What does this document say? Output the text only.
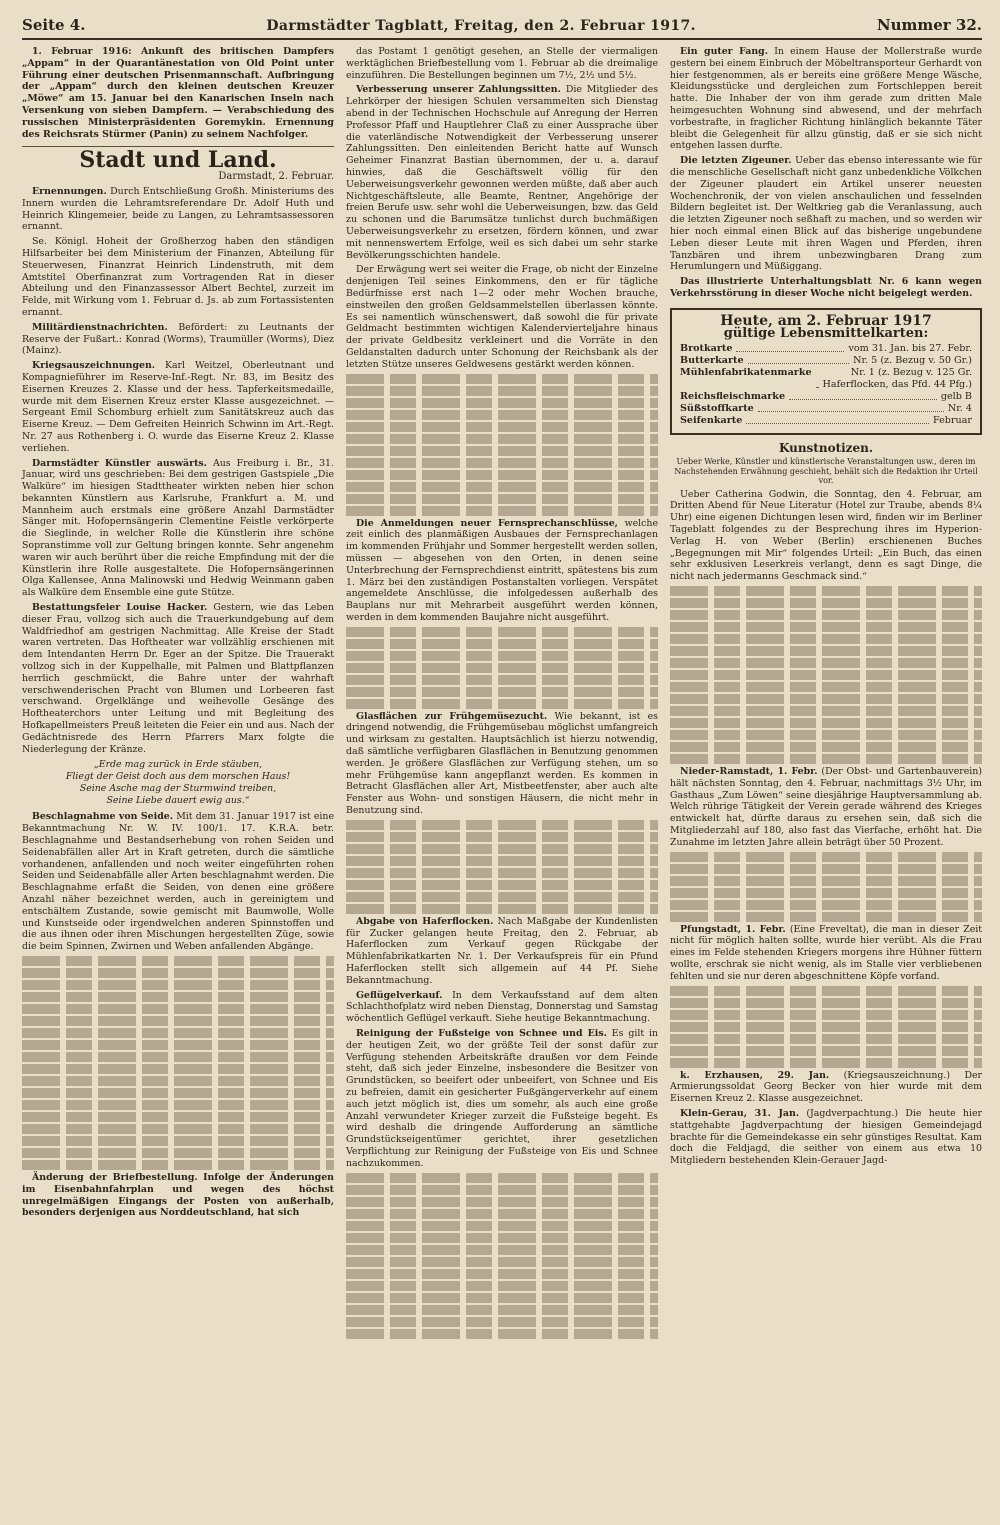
Seite 4.	Darmstädter Tagblatt, Freitag, den 2. Februar 1917.	Nummer 32.

1. Februar 1916: Ankunft des britischen Dampfers „Appam“ in der Quarantänestation von Old Point unter Führung einer deutschen Prisenmannschaft. Aufbringung der „Appam“ durch den kleinen deutschen Kreuzer „Möwe“ am 15. Januar bei den Kanarischen Inseln nach Versenkung von sieben Dampfern. — Verabschiedung des russischen Ministerpräsidenten Goremykin. Ernennung des Reichsrats Stürmer (Panin) zu seinem Nachfolger.

Stadt und Land.
Darmstadt, 2. Februar.

Ernennungen. Durch Entschließung Großh. Ministeriums des Innern wurden die Lehramtsreferendare Dr. Adolf Huth und Heinrich Klingemeier, beide zu Langen, zu Lehramtsassessoren ernannt.

Se. Königl. Hoheit der Großherzog haben den ständigen Hilfsarbeiter bei dem Ministerium der Finanzen, Abteilung für Steuerwesen, Finanzrat Heinrich Lindenstruth, mit dem Amtstitel Oberfinanzrat zum Vortragenden Rat in dieser Abteilung und den Finanzassessor Albert Bechtel, zurzeit im Felde, mit Wirkung vom 1. Februar d. Js. ab zum Fortassistenten ernannt.

Militärdienstnachrichten. Befördert: zu Leutnants der Reserve der Fußart.: Konrad (Worms), Traumüller (Worms), Diez (Mainz).

Kriegsauszeichnungen. Karl Weitzel, Oberleutnant und Kompagnieführer im Reserve-Inf.-Regt. Nr. 83, im Besitz des Eisernen Kreuzes 2. Klasse und der hess. Tapferkeitsmedaille, wurde mit dem Eisernen Kreuz erster Klasse ausgezeichnet. — Sergeant Emil Schomburg erhielt zum Sanitätskreuz auch das Eiserne Kreuz. — Dem Gefreiten Heinrich Schwinn im Art.-Regt. Nr. 27 aus Rothenberg i. O. wurde das Eiserne Kreuz 2. Klasse verliehen.

Darmstädter Künstler auswärts. Aus Freiburg i. Br., 31. Januar, wird uns geschrieben: Bei dem gestrigen Gastspiele „Die Walküre“ im hiesigen Stadttheater wirkten neben hier schon bekannten Künstlern aus Karlsruhe, Frankfurt a. M. und Mannheim auch erstmals eine größere Anzahl Darmstädter Sänger mit. Hofopernsängerin Clementine Feistle verkörperte die Sieglinde, in welcher Rolle die Künstlerin ihre schöne Sopranstimme voll zur Geltung bringen konnte. Sehr angenehm waren wir auch berührt über die reiche Empfindung mit der die Künstlerin ihre Rolle ausgestaltete. Die Hofopernsängerinnen Olga Kallensee, Anna Malinowski und Hedwig Weinmann gaben als Walküre dem Ensemble eine gute Stütze.

Bestattungsfeier Louise Hacker. Gestern, wie das Leben dieser Frau, vollzog sich auch die Trauerkundgebung auf dem Waldfriedhof am gestrigen Nachmittag. Alle Kreise der Stadt waren vertreten. Das Hoftheater war vollzählig erschienen mit dem Intendanten Herrn Dr. Eger an der Spitze. Die Trauerakt vollzog sich in der Kuppelhalle, mit Palmen und Blattpflanzen herrlich geschmückt, die Bahre unter der wahrhaft verschwenderischen Pracht von Blumen und Lorbeeren fast verschwand. Orgelklänge und weihevolle Gesänge des Hoftheaterchors unter Leitung und mit Begleitung des Hofkapellmeisters Preuß leiteten die Feier ein und aus. Nach der Gedächtnisrede des Herrn Pfarrers Marx folgte die Niederlegung der Kränze.

„Erde mag zurück in Erde stäuben,
Fliegt der Geist doch aus dem morschen Haus!
Seine Asche mag der Sturmwind treiben,
Seine Liebe dauert ewig aus.“

Beschlagnahme von Seide. Mit dem 31. Januar 1917 ist eine Bekanntmachung Nr. W. IV. 100/1. 17. K.R.A. betr. Beschlagnahme und Bestandserhebung von rohen Seiden und Seidenabfällen aller Art in Kraft getreten, durch die sämtliche vorhandenen, anfallenden und noch weiter eingeführten rohen Seiden und Seidenabfälle aller Arten beschlagnahmt werden. Die Beschlagnahme erfaßt die Seiden, von denen eine größere Anzahl näher bezeichnet werden, auch in gereinigtem und entschältem Zustande, sowie gemischt mit Baumwolle, Wolle und Kunstseide oder irgendwelchen anderen Spinnstoffen und die aus ihnen oder ihren Mischungen hergestellten Züge, sowie die beim Spinnen, Zwirnen und Weben anfallenden Abgänge.

Änderung der Briefbestellung. Infolge der Änderungen im Eisenbahnfahrplan und wegen des höchst unregelmäßigen Eingangs der Posten von außerhalb, besonders derjenigen aus Norddeutschland, hat sich

das Postamt 1 genötigt gesehen, an Stelle der viermaligen werktäglichen Briefbestellung vom 1. Februar ab die dreimalige einzuführen. Die Bestellungen beginnen um 7½, 2½ und 5½.

Verbesserung unserer Zahlungssitten. Die Mitglieder des Lehrkörper der hiesigen Schulen versammelten sich Dienstag abend in der Technischen Hochschule auf Anregung der Herren Professor Pfaff und Hauptlehrer Claß zu einer Aussprache über die vaterländische Notwendigkeit der Verbesserung unserer Zahlungssitten. Den einleitenden Bericht hatte auf Wunsch Geheimer Finanzrat Bastian übernommen, der u. a. darauf hinwies, daß die Geschäftswelt völlig für den Ueberweisungsverkehr gewonnen werden müßte, daß aber auch Nichtgeschäftsleute, alle Beamte, Rentner, Angehörige der freien Berufe usw. sehr wohl die Ueberweisungen, bzw. das Geld zu schonen und die Barumsätze tunlichst durch buchmäßigen Ueberweisungsverkehr zu ersetzen, fördern können, und zwar mit nennenswertem Erfolge, weil es sich dabei um sehr starke Bevölkerungsschichten handele.

Der Erwägung wert sei weiter die Frage, ob nicht der Einzelne denjenigen Teil seines Einkommens, den er für tägliche Bedürfnisse erst nach 1—2 oder mehr Wochen brauche, einstweilen den großen Geldsammelstellen überlassen könnte. Es sei namentlich wünschenswert, daß sowohl die für private Geldmacht bestimmten wichtigen Kalendervierteljahre hinaus der private Geldbesitz verkleinert und die Vorräte in den Geldanstalten dadurch unter Schonung der Reichsbank als der letzten Stütze unseres Geldwesens gestärkt werden können.

Die Anmeldungen neuer Fernsprechanschlüsse, welche zeit einlich des planmäßigen Ausbaues der Fernsprechanlagen im kommenden Frühjahr und Sommer hergestellt werden sollen, müssen — abgesehen von den Orten, in denen seine Unterbrechung der Fernsprechdienst eintritt, spätestens bis zum 1. März bei den zuständigen Postanstalten vorliegen. Verspätet angemeldete Anschlüsse, die infolgedessen außerhalb des Bauplans nur mit Mehrarbeit ausgeführt werden können, werden in dem kommenden Baujahre nicht ausgeführt.

Glasflächen zur Frühgemüsezucht. Wie bekannt, ist es dringend notwendig, die Frühgemüsebau möglichst umfangreich und wirksam zu gestalten. Hauptsächlich ist hierzu notwendig, daß sämtliche verfügbaren Glasflächen in Benutzung genommen werden. Je größere Glasflächen zur Verfügung stehen, um so mehr Frühgemüse kann angepflanzt werden. Es kommen in Betracht Glasflächen aller Art, Mistbeetfenster, aber auch alte Fenster aus Wohn- und sonstigen Häusern, die nicht mehr in Benutzung sind.

Abgabe von Haferflocken. Nach Maßgabe der Kundenlisten für Zucker gelangen heute Freitag, den 2. Februar, ab Haferflocken zum Verkauf gegen Rückgabe der Mühlenfabrikatkarten Nr. 1. Der Verkaufspreis für ein Pfund Haferflocken stellt sich allgemein auf 44 Pf. Siehe Bekanntmachung.

Geflügelverkauf. In dem Verkaufsstand auf dem alten Schlachthofplatz wird neben Dienstag, Donnerstag und Samstag wöchentlich Geflügel verkauft. Siehe heutige Bekanntmachung.

Reinigung der Fußsteige von Schnee und Eis. Es gilt in der heutigen Zeit, wo der größte Teil der sonst dafür zur Verfügung stehenden Arbeitskräfte draußen vor dem Feinde steht, daß sich jeder Einzelne, insbesondere die Besitzer von Grundstücken, so beeifert oder unbeeifert, von Schnee und Eis zu befreien, damit ein gesicherter Fußgängerverkehr auf einem auch jetzt möglich ist, dies um somehr, als auch eine große Anzahl verwundeter Krieger zurzeit die Fußsteige begeht. Es wird deshalb die dringende Aufforderung an sämtliche Grundstückseigentümer gerichtet, ihrer gesetzlichen Verpflichtung zur Reinigung der Fußsteige von Eis und Schnee nachzukommen.

Ein guter Fang. In einem Hause der Mollerstraße wurde gestern bei einem Einbruch der Möbeltransporteur Gerhardt von hier festgenommen, als er bereits eine größere Menge Wäsche, Kleidungsstücke und dergleichen zum Fortschleppen bereit hatte. Die Inhaber der von ihm gerade zum dritten Male heimgesuchten Wohnung sind abwesend, und der mehrfach vorbestrafte, in fraglicher Richtung hinlänglich bekannte Täter bleibt die Gelegenheit für allzu günstig, daß er sie sich nicht entgehen lassen durfte.

Die letzten Zigeuner. Ueber das ebenso interessante wie für die menschliche Gesellschaft nicht ganz unbedenkliche Völkchen der Zigeuner plaudert ein Artikel unserer neuesten Wochenchronik, der von vielen anschaulichen und fesselnden Bildern begleitet ist. Der Weltkrieg gab die Veranlassung, auch die letzten Zigeuner noch seßhaft zu machen, und so werden wir hier noch einmal einen Blick auf das bisherige ungebundene Leben dieser Leute mit ihren Wagen und Pferden, ihren Tanzbären und ihrem unbezwingbaren Drang zum Herumlungern und Müßiggang.

Das illustrierte Unterhaltungsblatt Nr. 6 kann wegen Verkehrsstörung in dieser Woche nicht beigelegt werden.

Heute, am 2. Februar 1917
gültige Lebensmittelkarten:
Brotkarte	vom 31. Jan. bis 27. Febr.
Butterkarte	Nr. 5 (z. Bezug v. 50 Gr.)
Mühlenfabrikatenmarke	Nr. 1 (z. Bezug v. 125 Gr. Haferflocken, das Pfd. 44 Pfg.)
Reichsfleischmarke	gelb B
Süßstoffkarte	Nr. 4
Seifenkarte	Februar
Kunstnotizen.
Ueber Werke, Künstler und künstlerische Veranstaltungen usw., deren im Nachstehenden Erwähnung geschieht, behält sich die Redaktion ihr Urteil vor.

Ueber Catherina Godwin, die Sonntag, den 4. Februar, am Dritten Abend für Neue Literatur (Hotel zur Traube, abends 8¼ Uhr) eine eigenen Dichtungen lesen wird, finden wir im Berliner Tageblatt folgendes zu der Besprechung ihres im Hyperion-Verlag H. von Weber (Berlin) erschienenen Buches „Begegnungen mit Mir“ folgendes Urteil: „Ein Buch, das einen sehr exklusiven Leserkreis verlangt, denn es sagt Dinge, die nicht nach jedermanns Geschmack sind.“

Nieder-Ramstadt, 1. Febr. (Der Obst- und Gartenbauverein) hält nächsten Sonntag, den 4. Februar, nachmittags 3½ Uhr, im Gasthaus „Zum Löwen“ seine diesjährige Hauptversammlung ab. Welch rührige Tätigkeit der Verein gerade während des Krieges entwickelt hat, dürfte daraus zu ersehen sein, daß sich die Mitgliederzahl auf 180, also fast das Vierfache, erhöht hat. Die Zunahme im letzten Jahre allein beträgt über 50 Prozent.

Pfungstadt, 1. Febr. (Eine Freveltat), die man in dieser Zeit nicht für möglich halten sollte, wurde hier verübt. Als die Frau eines im Felde stehenden Kriegers morgens ihre Hühner füttern wollte, erschrak sie nicht wenig, als im Stalle vier verbliebenen fehlten und sie nur deren abgeschnittene Köpfe vorfand.

k. Erzhausen, 29. Jan. (Kriegsauszeichnung.) Der Armierungssoldat Georg Becker von hier wurde mit dem Eisernen Kreuz 2. Klasse ausgezeichnet.

Klein-Gerau, 31. Jan. (Jagdverpachtung.) Die heute hier stattgehabte Jagdverpachtung der hiesigen Gemeindejagd brachte für die Gemeindekasse ein sehr günstiges Resultat. Kam doch die Feldjagd, die seither von einem aus etwa 10 Mitgliedern bestehenden Klein-Gerauer Jagd-
